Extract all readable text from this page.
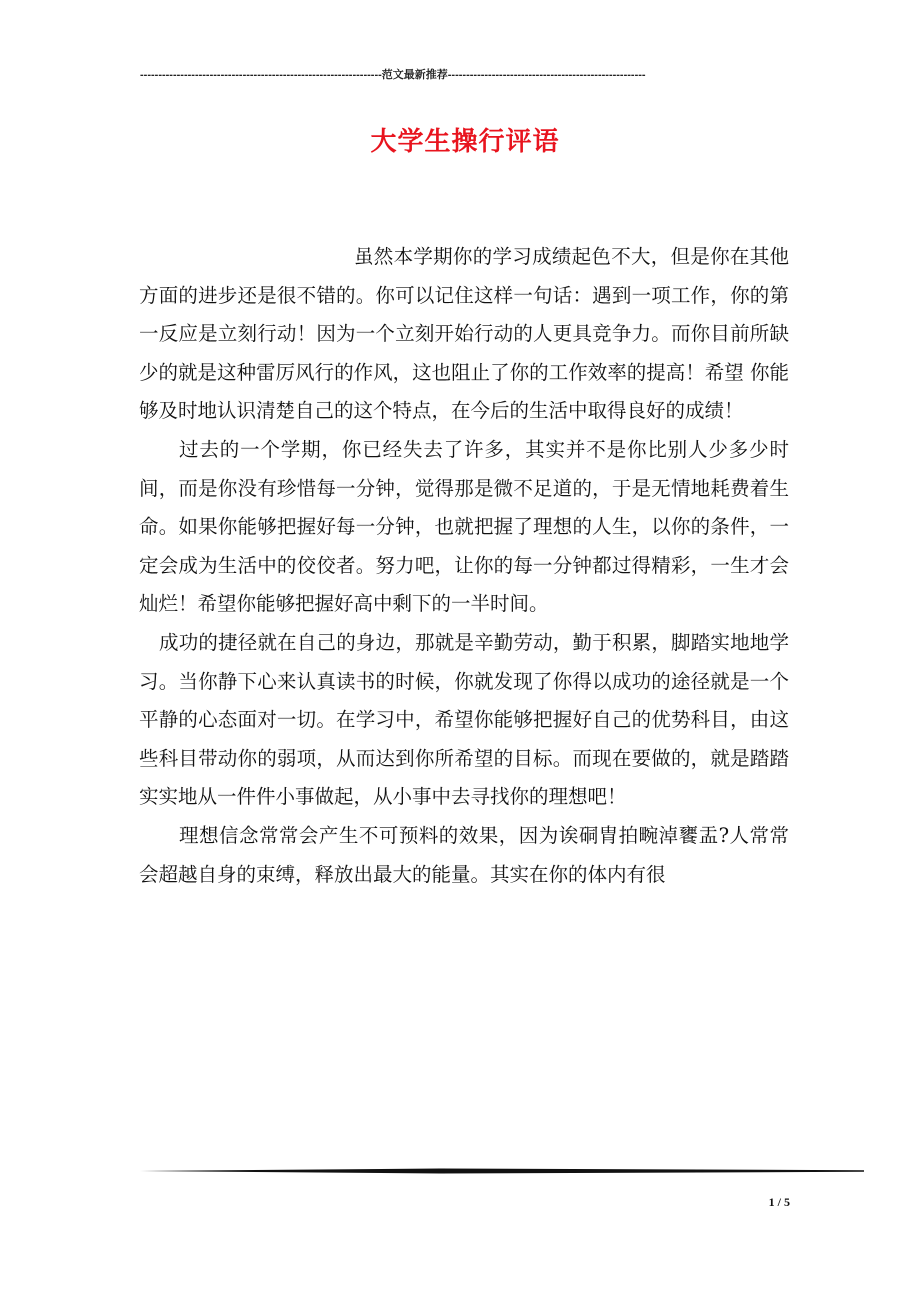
------------------------------------------------------------------范文最新推荐------------------------------------------------------
大学生操行评语

虽然本学期你的学习成绩起色不大，但是你在其他方面的进步还是很不错的。你可以记住这样一句话：遇到一项工作，你的第一反应是立刻行动！因为一个立刻开始行动的人更具竞争力。而你目前所缺少的就是这种雷厉风行的作风，这也阻止了你的工作效率的提高！希望 你能够及时地认识清楚自己的这个特点，在今后的生活中取得良好的成绩！

过去的一个学期，你已经失去了许多，其实并不是你比别人少多少时间，而是你没有珍惜每一分钟，觉得那是微不足道的，于是无情地耗费着生命。如果你能够把握好每一分钟，也就把握了理想的人生，以你的条件，一定会成为生活中的佼佼者。努力吧，让你的每一分钟都过得精彩，一生才会灿烂！希望你能够把握好高中剩下的一半时间。

成功的捷径就在自己的身边，那就是辛勤劳动，勤于积累，脚踏实地地学习。当你静下心来认真读书的时候，你就发现了你得以成功的途径就是一个平静的心态面对一切。在学习中，希望你能够把握好自己的优势科目，由这些科目带动你的弱项，从而达到你所希望的目标。而现在要做的，就是踏踏实实地从一件件小事做起，从小事中去寻找你的理想吧！

理想信念常常会产生不可预料的效果，因为诶硐胄拍畹淖饔盂?人常常会超越自身的束缚，释放出最大的能量。其实在你的体内有很

1 / 5
